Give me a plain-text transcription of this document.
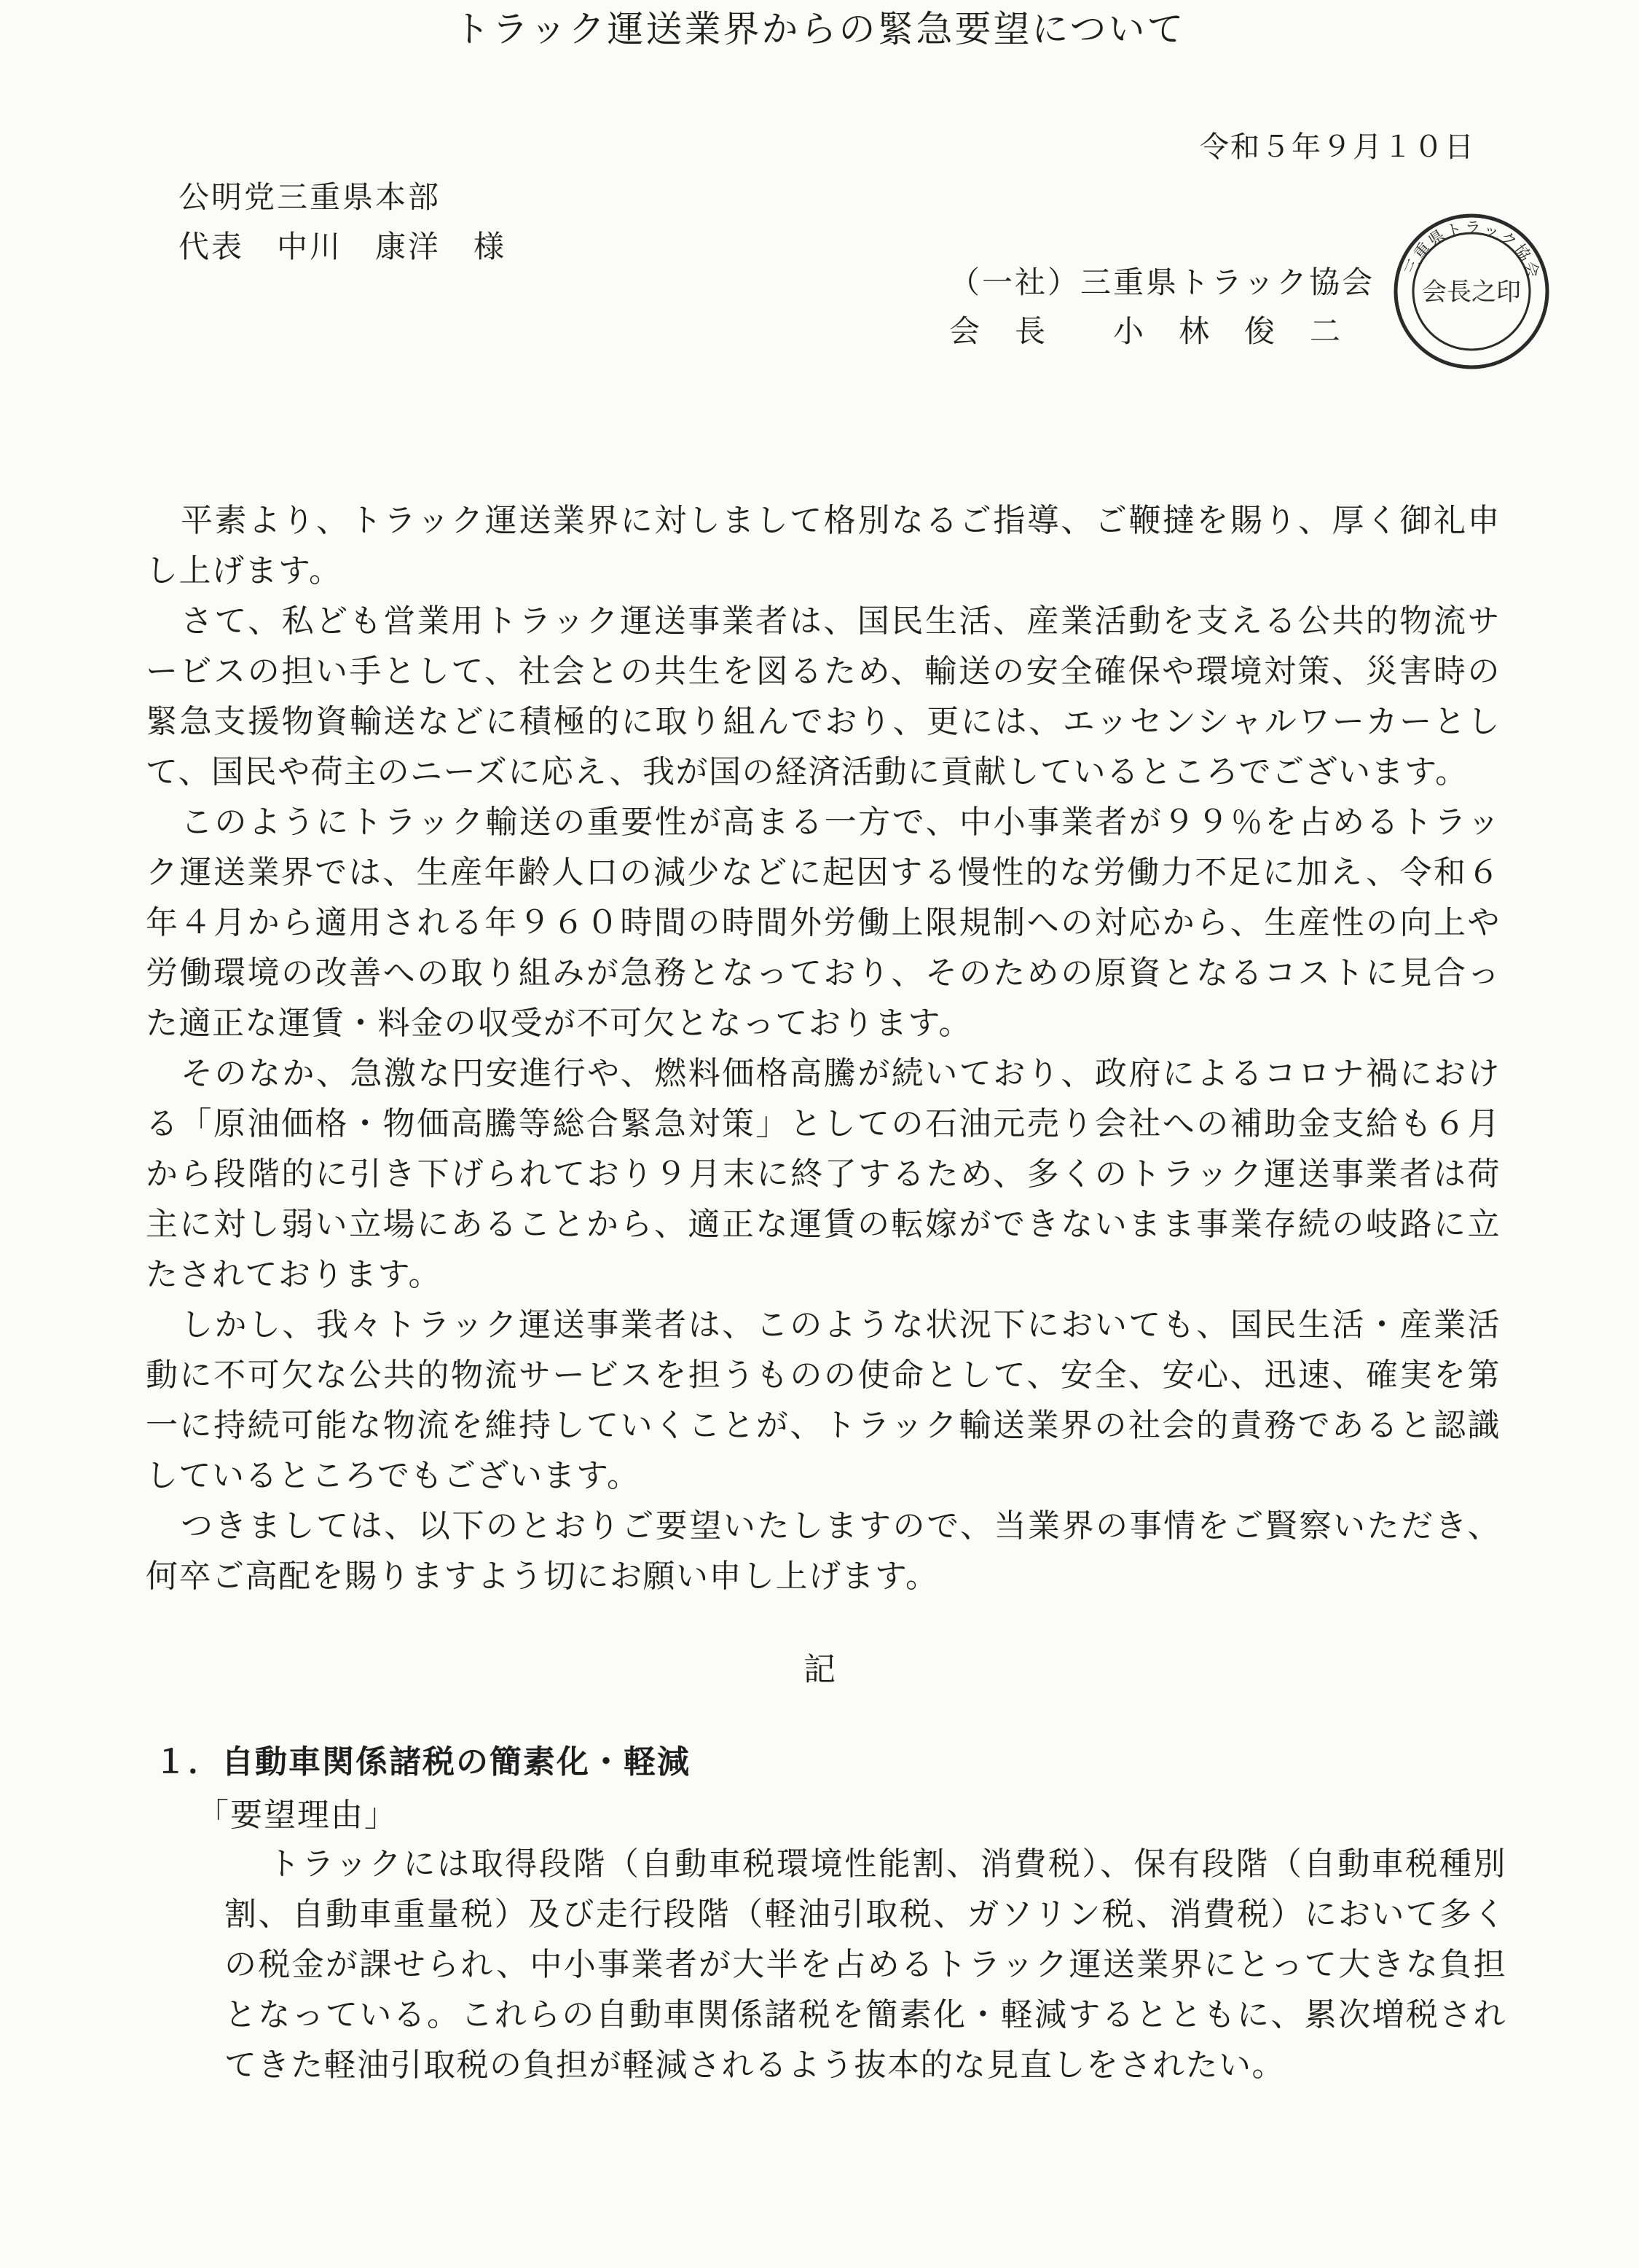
令和５年９月１０日
公明党三重県本部
代表　中川　康洋　様
（一社）三重県トラック協会
会　長　　小　林　俊　二
三重県トラック協会
会長之印
トラック運送業界からの緊急要望について

平素より、トラック運送業界に対しまして格別なるご指導、ご鞭撻を賜り、厚く御礼申し上げます。

さて、私ども営業用トラック運送事業者は、国民生活、産業活動を支える公共的物流サービスの担い手として、社会との共生を図るため、輸送の安全確保や環境対策、災害時の緊急支援物資輸送などに積極的に取り組んでおり、更には、エッセンシャルワーカーとして、国民や荷主のニーズに応え、我が国の経済活動に貢献しているところでございます。

このようにトラック輸送の重要性が高まる一方で、中小事業者が９９％を占めるトラック運送業界では、生産年齢人口の減少などに起因する慢性的な労働力不足に加え、令和６年４月から適用される年９６０時間の時間外労働上限規制への対応から、生産性の向上や労働環境の改善への取り組みが急務となっており、そのための原資となるコストに見合った適正な運賃・料金の収受が不可欠となっております。

そのなか、急激な円安進行や、燃料価格高騰が続いており、政府によるコロナ禍における「原油価格・物価高騰等総合緊急対策」としての石油元売り会社への補助金支給も６月から段階的に引き下げられており９月末に終了するため、多くのトラック運送事業者は荷主に対し弱い立場にあることから、適正な運賃の転嫁ができないまま事業存続の岐路に立たされております。

しかし、我々トラック運送事業者は、このような状況下においても、国民生活・産業活動に不可欠な公共的物流サービスを担うものの使命として、安全、安心、迅速、確実を第一に持続可能な物流を維持していくことが、トラック輸送業界の社会的責務であると認識しているところでもございます。

つきましては、以下のとおりご要望いたしますので、当業界の事情をご賢察いただき、何卒ご高配を賜りますよう切にお願い申し上げます。

記
１．自動車関係諸税の簡素化・軽減
「要望理由」

トラックには取得段階（自動車税環境性能割、消費税）、保有段階（自動車税種別割、自動車重量税）及び走行段階（軽油引取税、ガソリン税、消費税）において多くの税金が課せられ、中小事業者が大半を占めるトラック運送業界にとって大きな負担となっている。これらの自動車関係諸税を簡素化・軽減するとともに、累次増税されてきた軽油引取税の負担が軽減されるよう抜本的な見直しをされたい。
